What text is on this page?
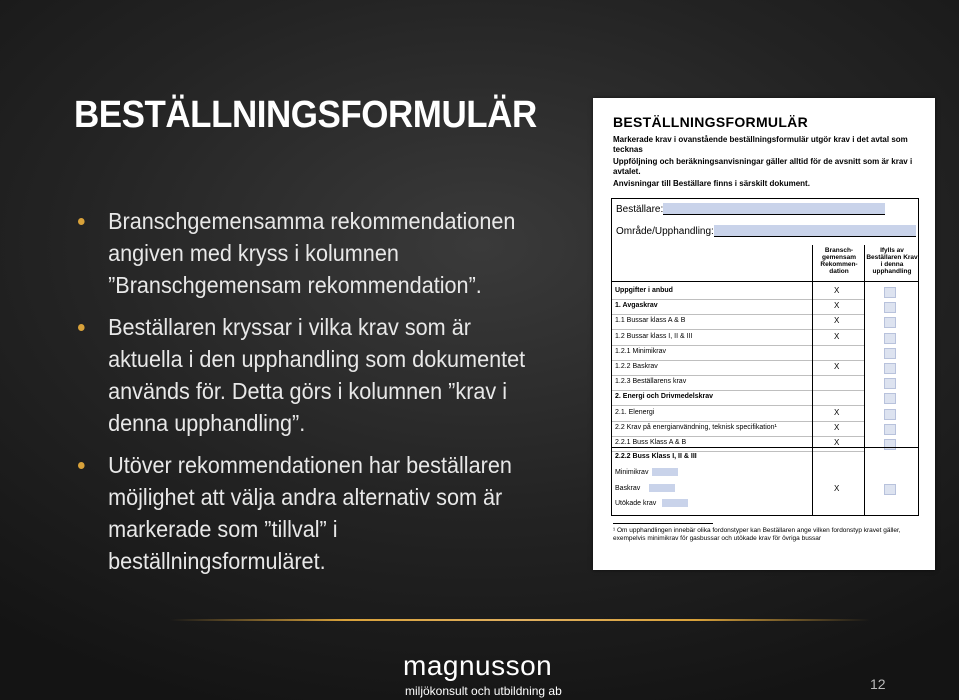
BESTÄLLNINGSFORMULÄR
Branschgemensamma rekommendationen angiven med kryss i kolumnen ”Branschgemensam rekommendation”.
Beställaren kryssar i vilka krav som är aktuella i den upphandling som dokumentet används för. Detta görs i kolumnen ”krav i denna upphandling”.
Utöver rekommendationen har beställaren möjlighet att välja andra alternativ som är markerade som ”tillval” i beställningsformuläret.
BESTÄLLNINGSFORMULÄR
Markerade krav i ovanstående beställningsformulär utgör krav i det avtal som tecknas
Uppföljning och beräkningsanvisningar gäller alltid för de avsnitt som är krav i avtalet.
Anvisningar till Beställare finns i särskilt dokument.
Beställare:
Område/Upphandling:
Bransch-gemensam Rekommen-dation
Ifylls av Beställaren Krav i denna upphandling
Uppgifter i anbud	X
1. Avgaskrav	X
1.1 Bussar klass A & B	X
1.2 Bussar klass I, II & III	X
1.2.1 Minimikrav
1.2.2 Baskrav	X
1.2.3 Beställarens krav
2. Energi och Drivmedelskrav
2.1. Elenergi	X
2.2 Krav på energianvändning, teknisk specifikation¹	X
2.2.1 Buss Klass A & B	X
2.2.2 Buss Klass I, II & III
Minimikrav
Baskrav	X
Utökade krav
¹ Om upphandlingen innebär olika fordonstyper kan Beställaren ange vilken fordonstyp kravet gäller, exempelvis minimikrav för gasbussar och utökade krav för övriga bussar
magnusson
miljökonsult och utbildning ab	12
